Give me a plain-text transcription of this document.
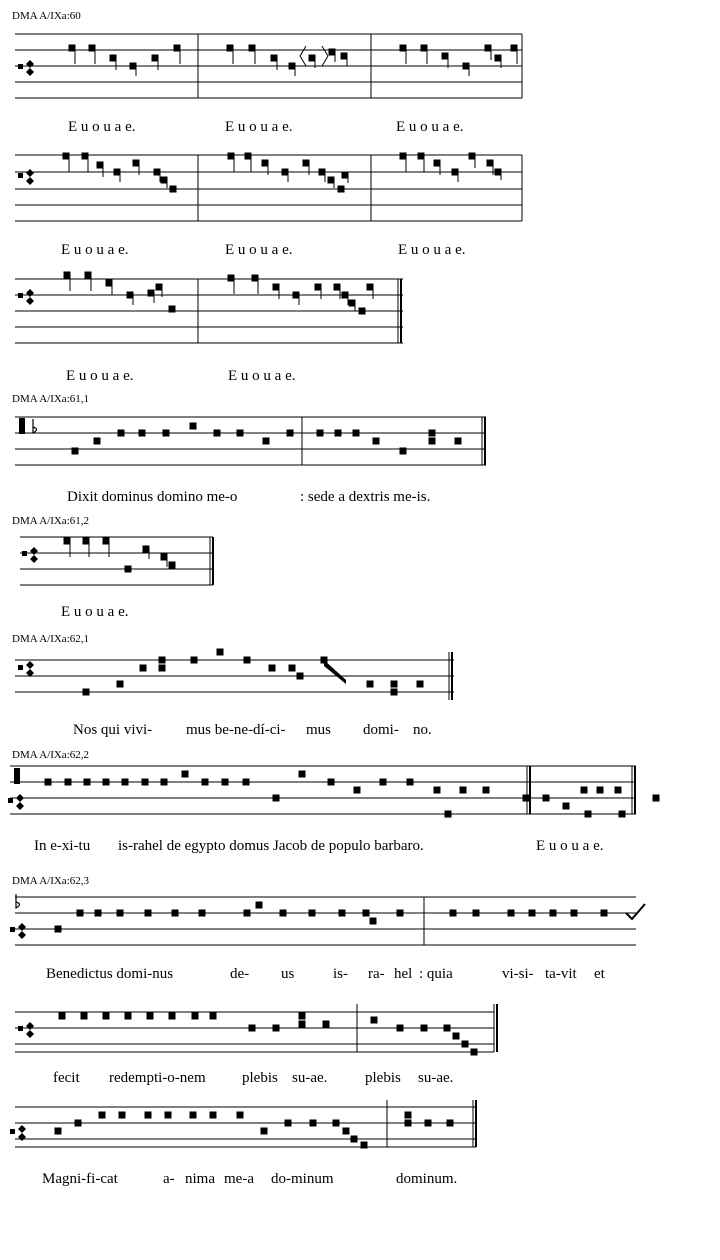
DMA A/IXa:60
DMA A/IXa:61,1
DMA A/IXa:61,2
DMA A/IXa:62,1
DMA A/IXa:62,2
DMA A/IXa:62,3
E u o u a e.	E u o u a e.	E u o u a e.
E u o u a e.	E u o u a e.	E u o u a e.
E u o u a e.	E u o u a e.
Dixit dominus domino me-o	: sede a dextris me-is.
E u o u a e.
Nos qui vivi- mus be-ne-dí-ci- mus domi- no.
In e-xi-tu is-rahel de egypto domus Jacob de populo barbaro.	E u o u a e.
Benedictus domi-nus	de- us	is- ra- hel : quia	vi-si- ta-vit et
fecit redempti-o-nem plebis su-ae.	plebis su-ae.
Magni-fi-cat	a- nima me-a do-minum	dominum.
